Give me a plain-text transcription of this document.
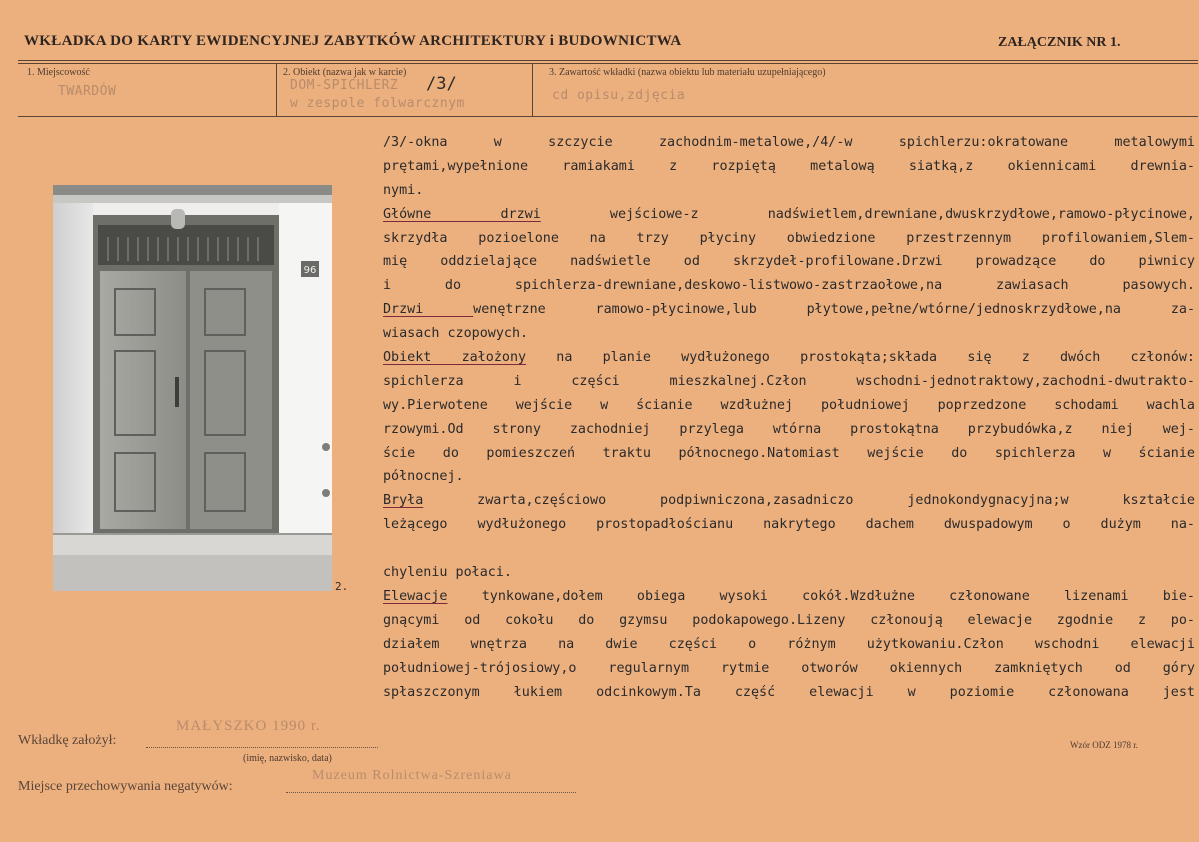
WKŁADKA DO KARTY EWIDENCYJNEJ ZABYTKÓW ARCHITEKTURY i BUDOWNICTWA	ZAŁĄCZNIK NR 1.
1. Miejscowość
TWARDÓW
2. Obiekt (nazwa jak w karcie)
DOM-SPICHLERZ /3/
w zespole folwarcznym
3. Zawartość wkładki (nazwa obiektu lub materiału uzupełniającego)
cd opisu,zdjęcia
96
2.
/3/-okna w szczycie zachodnim-metalowe,/4/-w spichlerzu:okratowane metalowymi
prętami,wypełnione ramiakami z rozpiętą metalową siatką,z okiennicami drewnia-
nymi.
Główne drzwi wejściowe-z nadświetlem,drewniane,dwuskrzydłowe,ramowo-płycinowe,
skrzydła pozioelone na trzy płyciny obwiedzione przestrzennym profilowaniem,Slem-
mię oddzielające nadświetle od skrzydeł-profilowane.Drzwi prowadzące do piwnicy
i do spichlerza-drewniane,deskowo-listwowo-zastrzaołowe,na zawiasach pasowych.
Drzwi wenętrzne ramowo-płycinowe,lub płytowe,pełne/wtórne/jednoskrzydłowe,na za-
wiasach czopowych.
Obiekt założony na planie wydłużonego prostokąta;składa się z dwóch członów:
spichlerza i części mieszkalnej.Człon wschodni-jednotraktowy,zachodni-dwutrakto-
wy.Pierwotene wejście w ścianie wzdłużnej południowej poprzedzone schodami wachla
rzowymi.Od strony zachodniej przylega wtórna prostokątna przybudówka,z niej wej-
ście do pomieszczeń traktu północnego.Natomiast wejście do spichlerza w ścianie
północnej.
Bryła zwarta,częściowo podpiwniczona,zasadniczo jednokondygnacyjna;w kształcie
leżącego wydłużonego prostopadłościanu nakrytego dachem dwuspadowym o dużym na-
chyleniu połaci.
Elewacje tynkowane,dołem obiega wysoki cokół.Wzdłużne członowane lizenami bie-
gnącymi od cokołu do gzymsu podokapowego.Lizeny członoują elewacje zgodnie z po-
działem wnętrza na dwie części o różnym użytkowaniu.Człon wschodni elewacji
południowej-trójosiowy,o regularnym rytmie otworów okiennych zamkniętych od góry
spłaszczonym łukiem odcinkowym.Ta część elewacji w poziomie członowana jest
Wkładkę założył:
MAŁYSZKO 1990 r.
(imię, nazwisko, data)
Miejsce przechowywania negatywów:
Muzeum Rolnictwa-Szreniawa
Wzór ODZ 1978 r.
